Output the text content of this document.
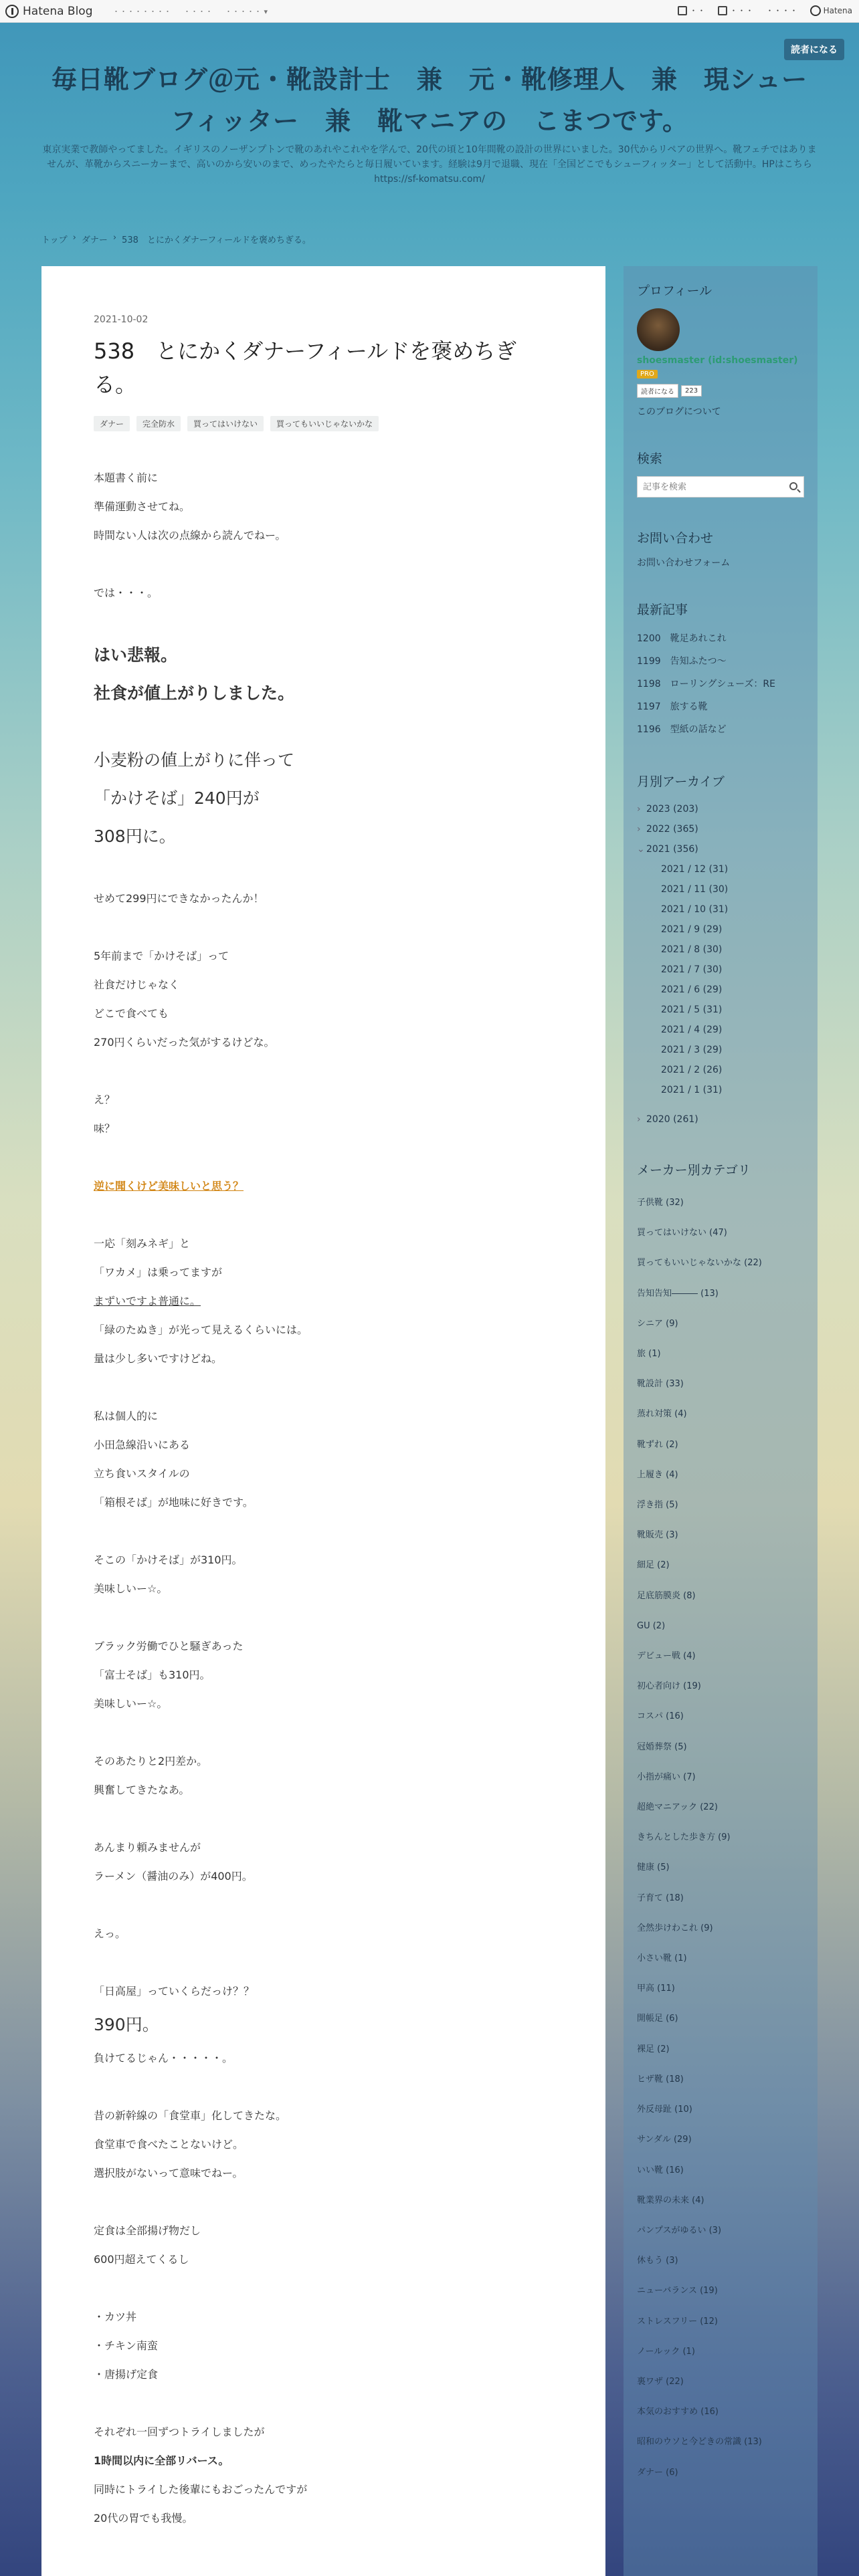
Hatena Blog	・・・・・・・・ ・・・・ ・・・・・ ▾	・・	・・・ ・・・・	Hatena
読者になる
毎日靴ブログ＠元・靴設計士　兼　元・靴修理人　兼　現シューフィッター　兼　靴マニアの　こまつです。

東京実業で教師やってました。イギリスのノーザンプトンで靴のあれやこれやを学んで、20代の頃と10年間靴の設計の世界にいました。30代からリペアの世界へ。靴フェチではありませんが、革靴からスニーカーまで、高いのから安いのまで、めったやたらと毎日履いています。経験は9月で退職、現在「全国どこでもシューフィッター」として活動中。HPはこちらhttps://sf-komatsu.com/

トップ › ダナー › 538　とにかくダナーフィールドを褒めちぎる。
2021-10-02
538　とにかくダナーフィールドを褒めちぎる。
ダナー	完全防水	買ってはいけない	買ってもいいじゃないかな

本題書く前に

準備運動させてね。

時間ない人は次の点線から読んでねー。

では・・・。

はい悲報。

社食が値上がりしました。

小麦粉の値上がりに伴って

「かけそば」240円が

308円に。

せめて299円にできなかったんか！

5年前まで「かけそば」って

社食だけじゃなく

どこで食べても

270円くらいだった気がするけどな。

え？

味？

逆に聞くけど美味しいと思う？

一応「刻みネギ」と

「ワカメ」は乗ってますが

まずいですよ普通に。

「緑のたぬき」が光って見えるくらいには。

量は少し多いですけどね。

私は個人的に

小田急線沿いにある

立ち食いスタイルの

「箱根そば」が地味に好きです。

そこの「かけそば」が310円。

美味しいー☆。

ブラック労働でひと騒ぎあった

「富士そば」も310円。

美味しいー☆。

そのあたりと2円差か。

興奮してきたなあ。

あんまり頼みませんが

ラーメン（醤油のみ）が400円。

えっ。

「日高屋」っていくらだっけ？？

390円。

負けてるじゃん・・・・・。

昔の新幹線の「食堂車」化してきたな。

食堂車で食べたことないけど。

選択肢がないって意味でねー。

定食は全部揚げ物だし

600円超えてくるし

・カツ丼

・チキン南蛮

・唐揚げ定食

それぞれ一回ずつトライしましたが

1時間以内に全部リバース。

同時にトライした後輩にもおごったんですが

20代の胃でも我慢。

プロフィール
shoesmaster (id:shoesmaster)
PRO
読者になる	223
このブログについて
検索
記事を検索
お問い合わせ
お問い合わせフォーム
最新記事
1200　靴足あれこれ
1199　告知ふたつ〜
1198　ローリングシューズ：RE
1197　旅する靴
1196　型紙の話など
月別アーカイブ
› 2023 (203)
› 2022 (365)
⌄ 2021 (356)
2021 / 12 (31)
2021 / 11 (30)
2021 / 10 (31)
2021 / 9 (29)
2021 / 8 (30)
2021 / 7 (30)
2021 / 6 (29)
2021 / 5 (31)
2021 / 4 (29)
2021 / 3 (29)
2021 / 2 (26)
2021 / 1 (31)
› 2020 (261)
メーカー別カテゴリ
子供靴 (32)
買ってはいけない (47)
買ってもいいじゃないかな (22)
告知告知――― (13)
シニア (9)
旅 (1)
靴設計 (33)
蒸れ対策 (4)
靴ずれ (2)
上履き (4)
浮き指 (5)
靴販売 (3)
細足 (2)
足底筋膜炎 (8)
GU (2)
デビュー戦 (4)
初心者向け (19)
コスパ (16)
冠婚葬祭 (5)
小指が痛い (7)
超絶マニアック (22)
きちんとした歩き方 (9)
健康 (5)
子育て (18)
全然歩けわこれ (9)
小さい靴 (1)
甲高 (11)
開帳足 (6)
裸足 (2)
ヒザ靴 (18)
外反母趾 (10)
サンダル (29)
いい靴 (16)
靴業界の未来 (4)
パンプスがゆるい (3)
休もう (3)
ニューバランス (19)
ストレスフリー (12)
ノールック (1)
裏ワザ (22)
本気のおすすめ (16)
昭和のウソと今どきの常識 (13)
ダナー (6)
